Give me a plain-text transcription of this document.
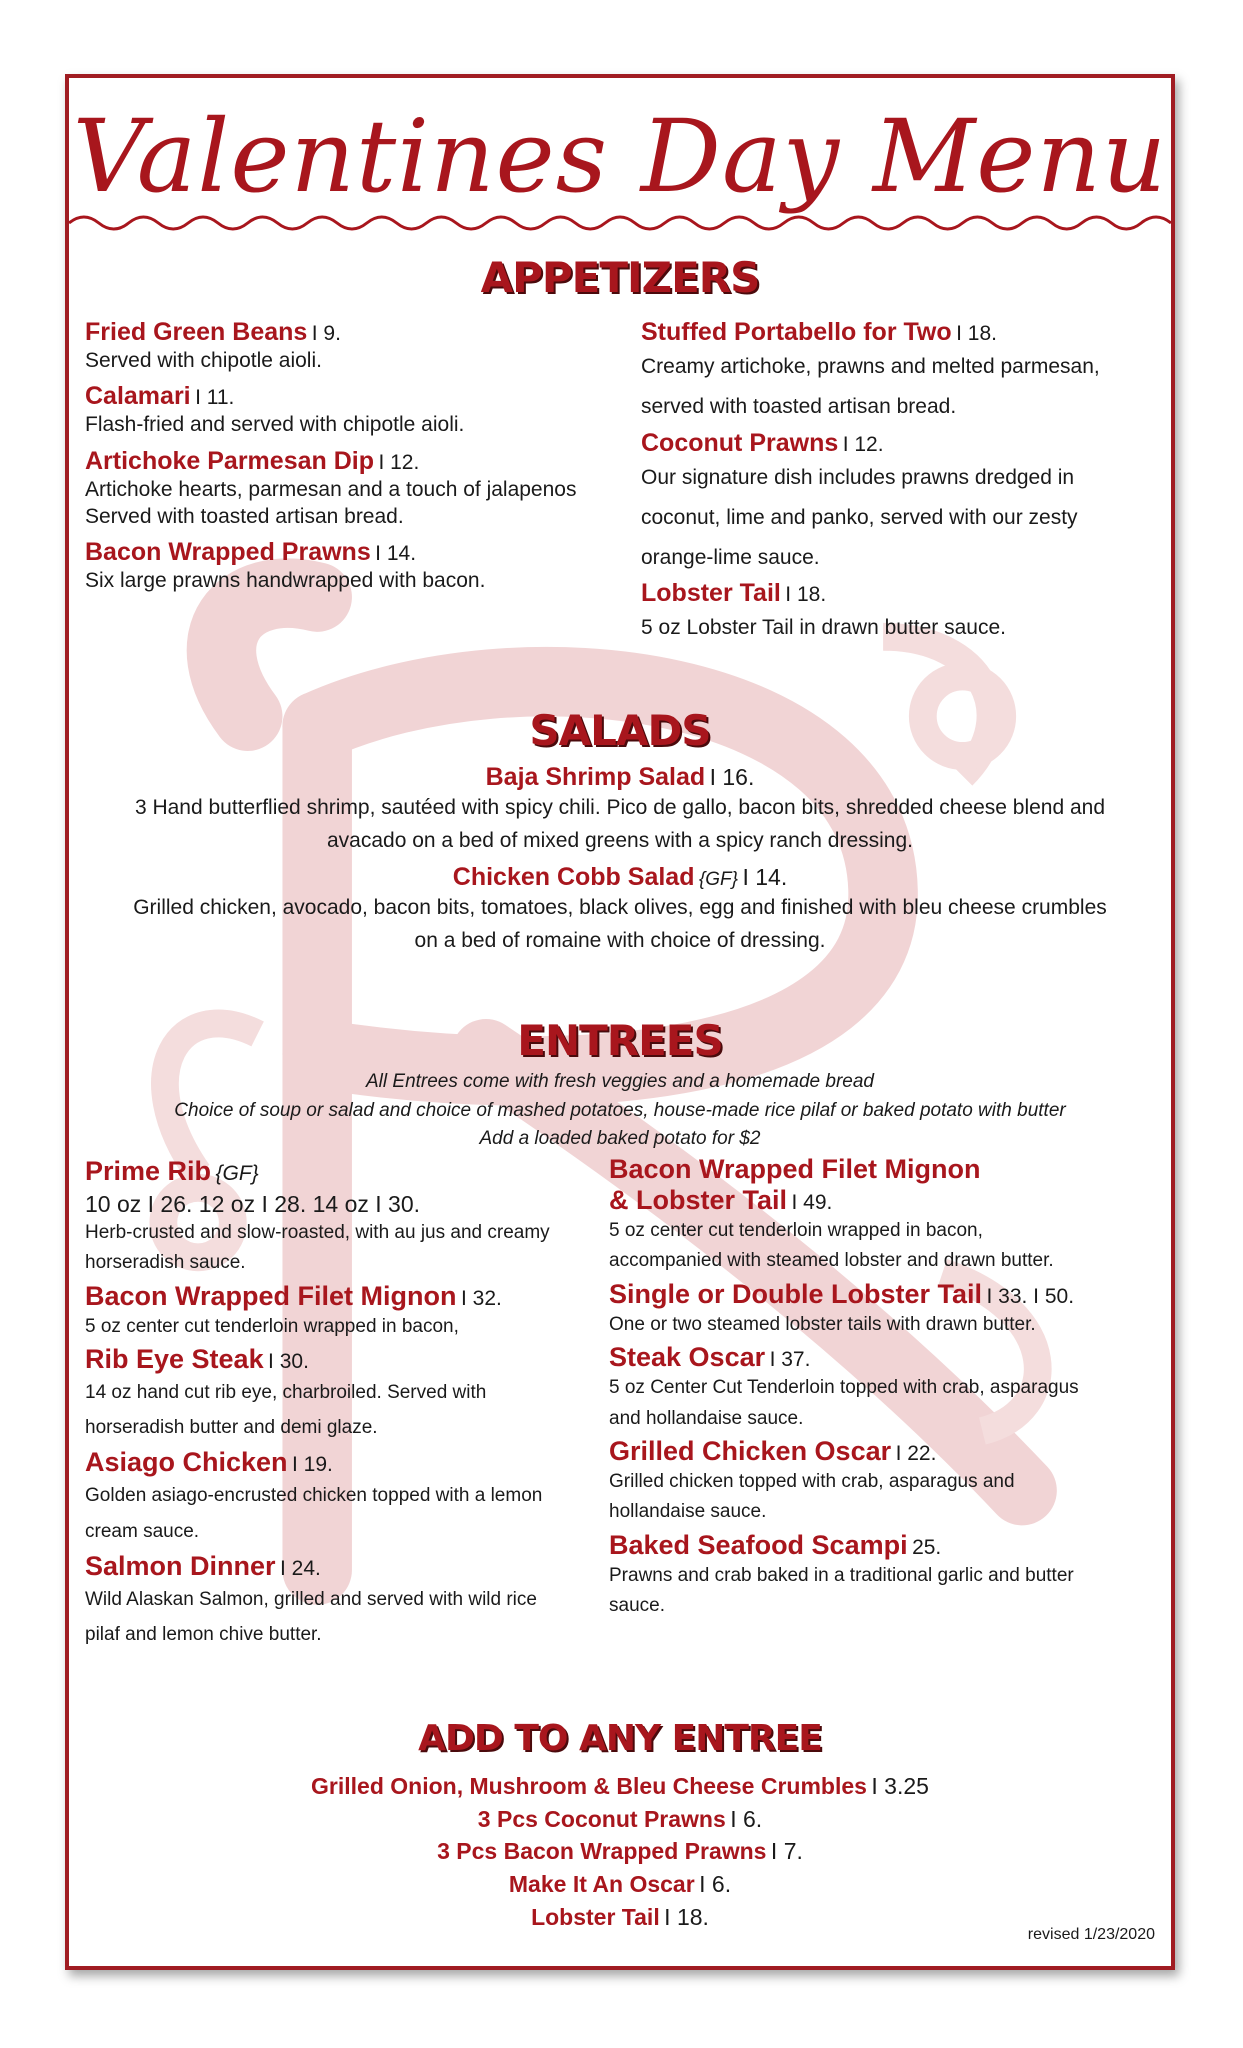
Valentines Day Menu
APPETIZERS
Fried Green Beans I 9.
Served with chipotle aioli.
Calamari I 11.
Flash-fried and served with chipotle aioli.
Artichoke Parmesan Dip I 12.
Artichoke hearts, parmesan and a touch of jalapenos
Served with toasted artisan bread.
Bacon Wrapped Prawns I 14.
Six large prawns handwrapped with bacon.
Stuffed Portabello for Two I 18.
Creamy artichoke, prawns and melted parmesan,
served with toasted artisan bread.
Coconut Prawns I 12.
Our signature dish includes prawns dredged in
coconut, lime and panko, served with our zesty
orange-lime sauce.
Lobster Tail I 18.
5 oz Lobster Tail in drawn butter sauce.
SALADS
Baja Shrimp Salad I 16.
3 Hand butterflied shrimp, sautéed with spicy chili. Pico de gallo, bacon bits, shredded cheese blend and
avacado on a bed of mixed greens with a spicy ranch dressing.
Chicken Cobb Salad {GF} I 14.
Grilled chicken, avocado, bacon bits, tomatoes, black olives, egg and finished with bleu cheese crumbles
on a bed of romaine with choice of dressing.
ENTREES
All Entrees come with fresh veggies and a homemade bread
Choice of soup or salad and choice of mashed potatoes, house-made rice pilaf or baked potato with butter
Add a loaded baked potato for $2
Prime Rib {GF}
10 oz I 26. 12 oz I 28. 14 oz I 30.
Herb-crusted and slow-roasted, with au jus and creamy
horseradish sauce.
Bacon Wrapped Filet Mignon I 32.
5 oz center cut tenderloin wrapped in bacon,
Rib Eye Steak I 30.
14 oz hand cut rib eye, charbroiled. Served with
horseradish butter and demi glaze.
Asiago Chicken I 19.
Golden asiago-encrusted chicken topped with a lemon
cream sauce.
Salmon Dinner I 24.
Wild Alaskan Salmon, grilled and served with wild rice
pilaf and lemon chive butter.
Bacon Wrapped Filet Mignon
& Lobster Tail I 49.
5 oz center cut tenderloin wrapped in bacon,
accompanied with steamed lobster and drawn butter.
Single or Double Lobster Tail I 33. I 50.
One or two steamed lobster tails with drawn butter.
Steak Oscar I 37.
5 oz Center Cut Tenderloin topped with crab, asparagus
and hollandaise sauce.
Grilled Chicken Oscar I 22.
Grilled chicken topped with crab, asparagus and
hollandaise sauce.
Baked Seafood Scampi 25.
Prawns and crab baked in a traditional garlic and butter
sauce.
ADD TO ANY ENTREE
Grilled Onion, Mushroom & Bleu Cheese Crumbles I 3.25
3 Pcs Coconut Prawns I 6.
3 Pcs Bacon Wrapped Prawns I 7.
Make It An Oscar I 6.
Lobster Tail I 18.
revised 1/23/2020
